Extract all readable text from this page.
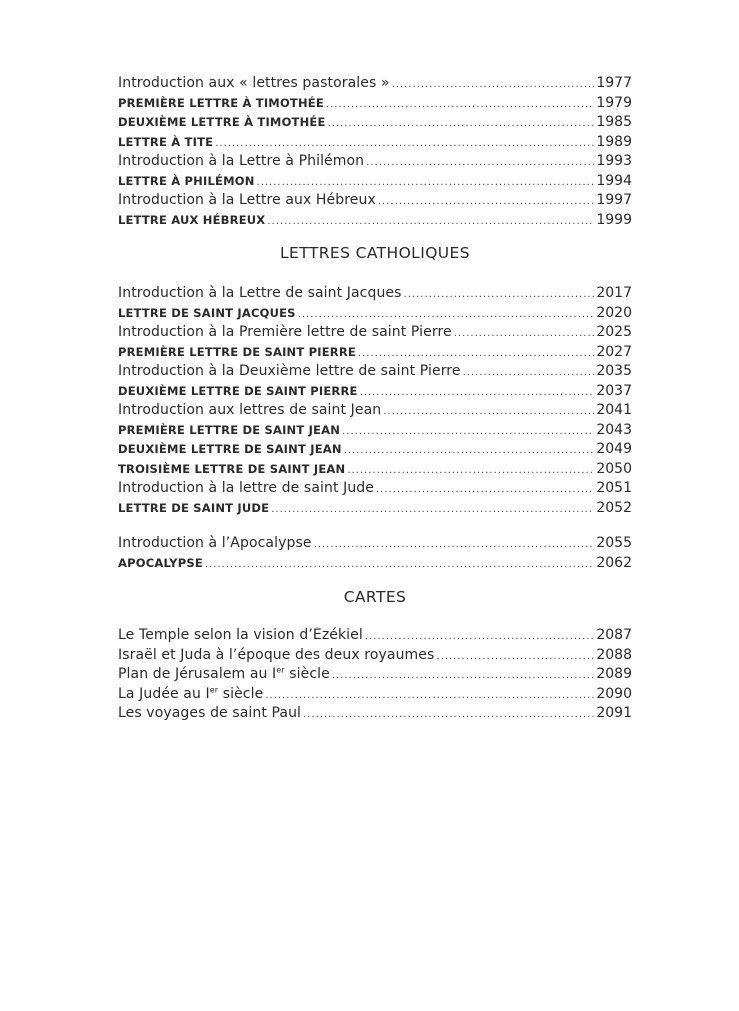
Introduction aux « lettres pastorales » .....	1977
PREMIÈRE LETTRE À TIMOTHÉE .....	1979
DEUXIÈME LETTRE À TIMOTHÉE .....	1985
LETTRE À TITE .....	1989
Introduction à la Lettre à Philémon .....	1993
LETTRE À PHILÉMON .....	1994
Introduction à la Lettre aux Hébreux .....	1997
LETTRE AUX HÉBREUX .....	1999
LETTRES CATHOLIQUES
Introduction à la Lettre de saint Jacques .....	2017
LETTRE DE SAINT JACQUES .....	2020
Introduction à la Première lettre de saint Pierre .....	2025
PREMIÈRE LETTRE DE SAINT PIERRE .....	2027
Introduction à la Deuxième lettre de saint Pierre .....	2035
DEUXIÈME LETTRE DE SAINT PIERRE .....	2037
Introduction aux lettres de saint Jean .....	2041
PREMIÈRE LETTRE DE SAINT JEAN .....	2043
DEUXIÈME LETTRE DE SAINT JEAN .....	2049
TROISIÈME LETTRE DE SAINT JEAN .....	2050
Introduction à la lettre de saint Jude .....	2051
LETTRE DE SAINT JUDE .....	2052
Introduction à l’Apocalypse .....	2055
APOCALYPSE .....	2062
CARTES
Le Temple selon la vision d’Ézékiel .....	2087
Israël et Juda à l’époque des deux royaumes .....	2088
Plan de Jérusalem au Ier siècle .....	2089
La Judée au Ier siècle .....	2090
Les voyages de saint Paul .....	2091
